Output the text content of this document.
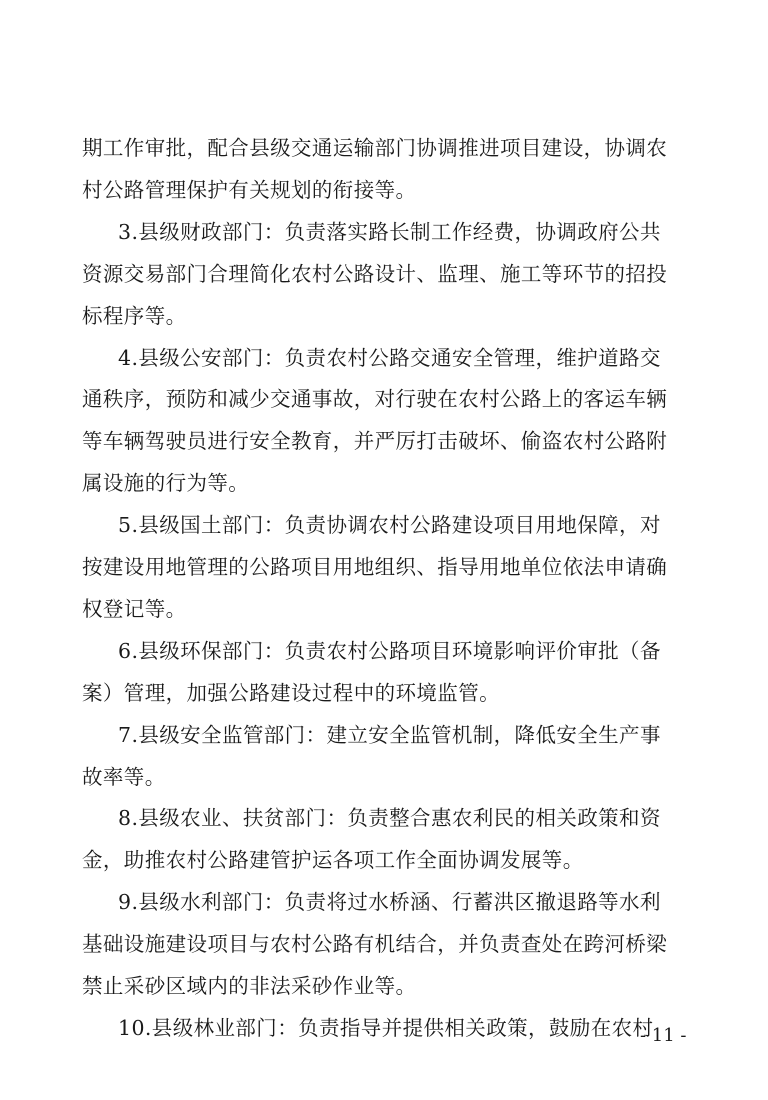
期工作审批，配合县级交通运输部门协调推进项目建设，协调农
村公路管理保护有关规划的衔接等。
3.县级财政部门：负责落实路长制工作经费，协调政府公共
资源交易部门合理简化农村公路设计、监理、施工等环节的招投
标程序等。
4.县级公安部门：负责农村公路交通安全管理，维护道路交
通秩序，预防和减少交通事故，对行驶在农村公路上的客运车辆
等车辆驾驶员进行安全教育，并严厉打击破坏、偷盗农村公路附
属设施的行为等。
5.县级国土部门：负责协调农村公路建设项目用地保障，对
按建设用地管理的公路项目用地组织、指导用地单位依法申请确
权登记等。
6.县级环保部门：负责农村公路项目环境影响评价审批（备
案）管理，加强公路建设过程中的环境监管。
7.县级安全监管部门：建立安全监管机制，降低安全生产事
故率等。
8.县级农业、扶贫部门：负责整合惠农利民的相关政策和资
金，助推农村公路建管护运各项工作全面协调发展等。
9.县级水利部门：负责将过水桥涵、行蓄洪区撤退路等水利
基础设施建设项目与农村公路有机结合，并负责查处在跨河桥梁
禁止采砂区域内的非法采砂作业等。
10.县级林业部门：负责指导并提供相关政策，鼓励在农村
- 11 -
